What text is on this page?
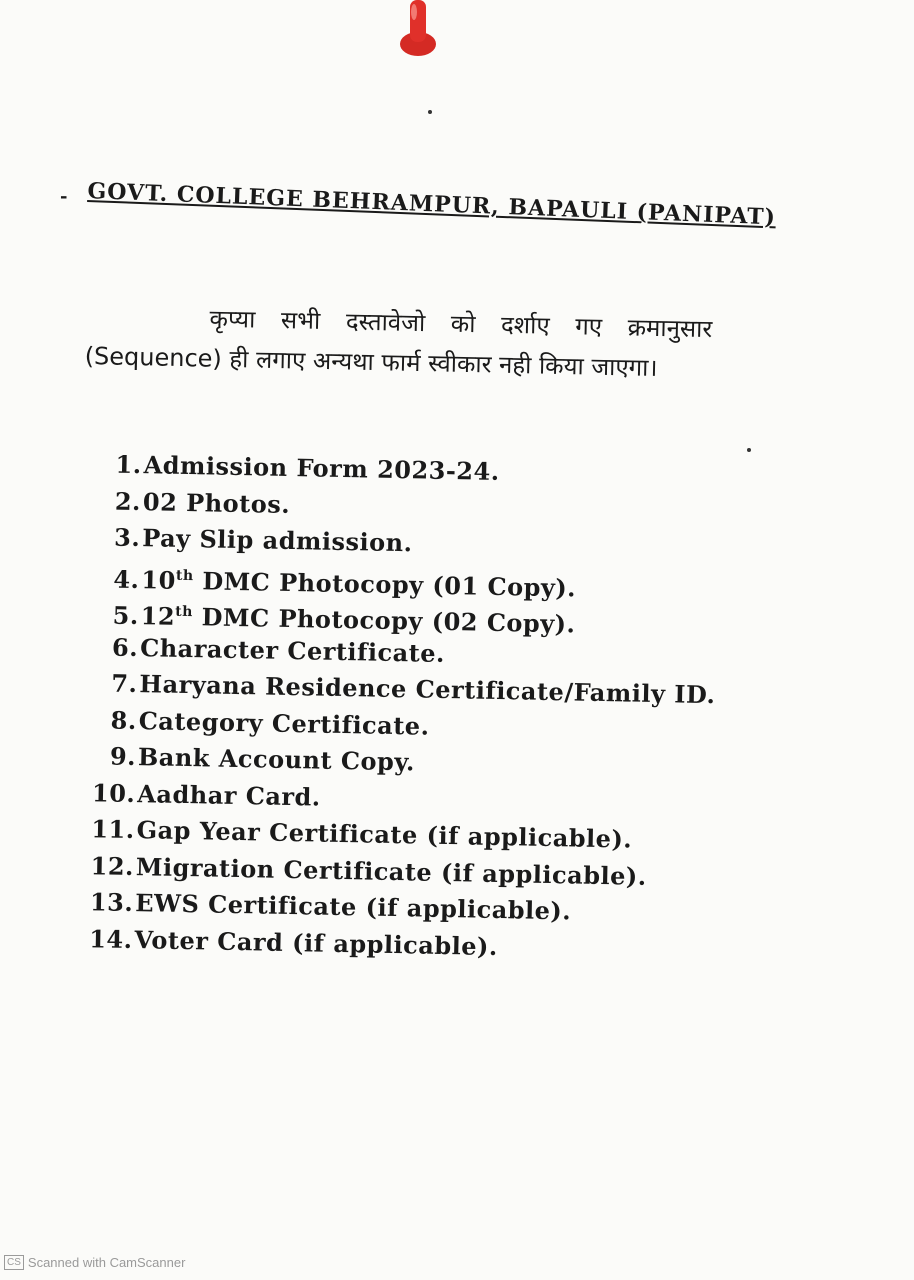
- GOVT. COLLEGE BEHRAMPUR, BAPAULI (PANIPAT)
कृप्या सभी दस्तावेजो को दर्शाए गए क्रमानुसार
(Sequence) ही लगाए अन्यथा फार्म स्वीकार नही किया जाएगा।
1.Admission Form 2023-24.
2.02 Photos.
3.Pay Slip admission.
4.10th DMC Photocopy (01 Copy).
5.12th DMC Photocopy (02 Copy).
6.Character Certificate.
7.Haryana Residence Certificate/Family ID.
8.Category Certificate.
9.Bank Account Copy.
10.Aadhar Card.
11.Gap Year Certificate (if applicable).
12.Migration Certificate (if applicable).
13.EWS Certificate (if applicable).
14.Voter Card (if applicable).
CS Scanned with CamScanner
